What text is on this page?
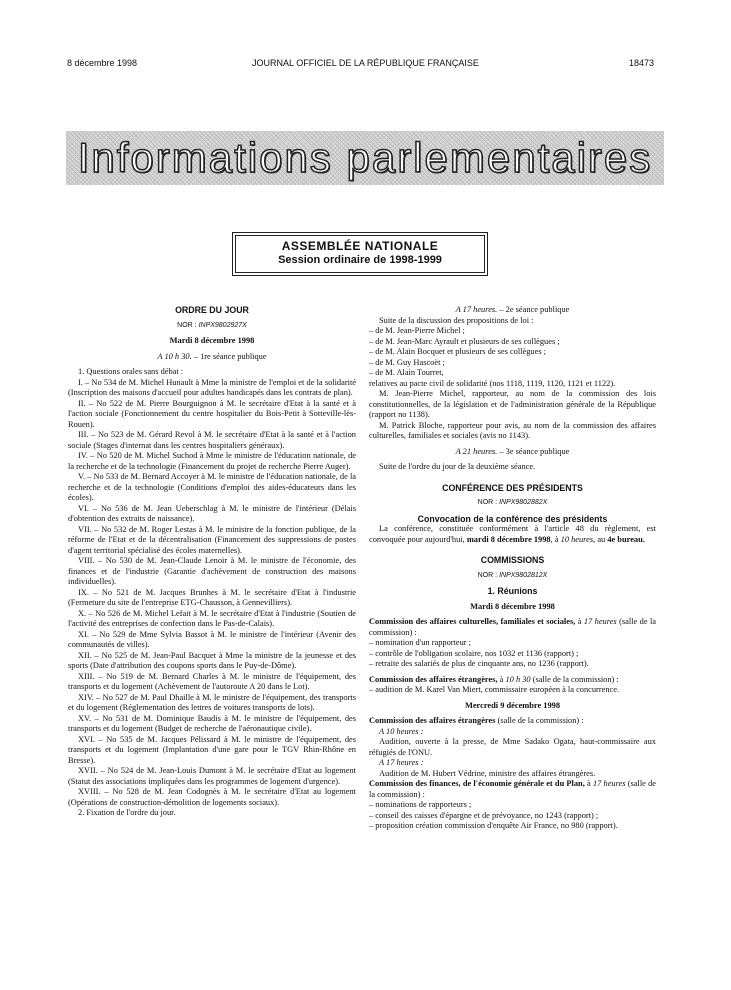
8 décembre 1998	JOURNAL OFFICIEL DE LA RÉPUBLIQUE FRANÇAISE	18473
Informations parlementaires
ASSEMBLÉE NATIONALE
Session ordinaire de 1998-1999

ORDRE DU JOUR

NOR : INPX9802927X

Mardi 8 décembre 1998

A 10 h 30. – 1re séance publique

1. Questions orales sans débat :

I. – No 534 de M. Michel Hunault à Mme la ministre de l'emploi et de la solidarité (Inscription des maisons d'accueil pour adultes handicapés dans les contrats de plan).

II. – No 522 de M. Pierre Bourguignon à M. le secrétaire d'Etat à la santé et à l'action sociale (Fonctionnement du centre hospitalier du Bois-Petit à Sotteville-lès-Rouen).

III. – No 523 de M. Gérard Revol à M. le secrétaire d'Etat à la santé et à l'action sociale (Stages d'internat dans les centres hospitaliers généraux).

IV. – No 520 de M. Michel Suchod à Mme le ministre de l'éducation nationale, de la recherche et de la technologie (Financement du projet de recherche Pierre Auger).

V. – No 533 de M. Bernard Accoyer à M. le ministre de l'éducation nationale, de la recherche et de la technologie (Conditions d'emploi des aides-éducateurs dans les écoles).

VI. – No 536 de M. Jean Ueberschlag à M. le ministre de l'intérieur (Délais d'obtention des extraits de naissance).

VII. – No 532 de M. Roger Lestas à M. le ministre de la fonction publique, de la réforme de l'Etat et de la décentralisation (Financement des suppressions de postes d'agent territorial spécialisé des écoles maternelles).

VIII. – No 530 de M. Jean-Claude Lenoir à M. le ministre de l'économie, des finances et de l'industrie (Garantie d'achèvement de construction des maisons individuelles).

IX. – No 521 de M. Jacques Brunhes à M. le secrétaire d'Etat à l'industrie (Fermeture du site de l'entreprise ETG-Chausson, à Gennevilliers).

X. – No 526 de M. Michel Lefait à M. le secrétaire d'Etat à l'industrie (Soutien de l'activité des entreprises de confection dans le Pas-de-Calais).

XI. – No 529 de Mme Sylvia Bassot à M. le ministre de l'intérieur (Avenir des communautés de villes).

XII. – No 525 de M. Jean-Paul Bacquet à Mme la ministre de la jeunesse et des sports (Date d'attribution des coupons sports dans le Puy-de-Dôme).

XIII. – No 519 de M. Bernard Charles à M. le ministre de l'équipement, des transports et du logement (Achèvement de l'autoroute A 20 dans le Lot).

XIV. – No 527 de M. Paul Dhaille à M. le ministre de l'équipement, des transports et du logement (Réglementation des lettres de voitures transports de lots).

XV. – No 531 de M. Dominique Baudis à M. le ministre de l'équipement, des transports et du logement (Budget de recherche de l'aéronautique civile).

XVI. – No 535 de M. Jacques Pélissard à M. le ministre de l'équipement, des transports et du logement (Implantation d'une gare pour le TGV Rhin-Rhône en Bresse).

XVII. – No 524 de M. Jean-Louis Dumont à M. le secrétaire d'Etat au logement (Statut des associations impliquées dans les programmes de logement d'urgence).

XVIII. – No 528 de M. Jean Codognès à M. le secrétaire d'Etat au logement (Opérations de construction-démolition de logements sociaux).

2. Fixation de l'ordre du jour.

A 17 heures. – 2e séance publique

Suite de la discussion des propositions de loi :

– de M. Jean-Pierre Michel ;

– de M. Jean-Marc Ayrault et plusieurs de ses collègues ;

– de M. Alain Bocquet et plusieurs de ses collègues ;

– de M. Guy Hascoët ;

– de M. Alain Tourret,

relatives au pacte civil de solidarité (nos 1118, 1119, 1120, 1121 et 1122).

M. Jean-Pierre Michel, rapporteur, au nom de la commission des lois constitutionnelles, de la législation et de l'administration générale de la République (rapport no 1138).

M. Patrick Bloche, rapporteur pour avis, au nom de la commission des affaires culturelles, familiales et sociales (avis no 1143).

A 21 heures. – 3e séance publique

Suite de l'ordre du jour de la deuxième séance.

CONFÉRENCE DES PRÉSIDENTS

NOR : INPX9802882X

Convocation de la conférence des présidents

La conférence, constituée conformément à l'article 48 du règlement, est convoquée pour aujourd'hui, mardi 8 décembre 1998, à 10 heures, au 4e bureau.

COMMISSIONS

NOR : INPX9802812X

1. Réunions

Mardi 8 décembre 1998

Commission des affaires culturelles, familiales et sociales, à 17 heures (salle de la commission) :

– nomination d'un rapporteur ;

– contrôle de l'obligation scolaire, nos 1032 et 1136 (rapport) ;

– retraite des salariés de plus de cinquante ans, no 1236 (rapport).

Commission des affaires étrangères, à 10 h 30 (salle de la commission) :

– audition de M. Karel Van Miert, commissaire européen à la concurrence.

Mercredi 9 décembre 1998

Commission des affaires étrangères (salle de la commission) :

A 10 heures :

Audition, ouverte à la presse, de Mme Sadako Ogata, haut-commissaire aux réfugiés de l'ONU.

A 17 heures :

Audition de M. Hubert Védrine, ministre des affaires étrangères.

Commission des finances, de l'économie générale et du Plan, à 17 heures (salle de la commission) :

– nominations de rapporteurs ;

– conseil des caisses d'épargne et de prévoyance, no 1243 (rapport) ;

– proposition création commission d'enquête Air France, no 980 (rapport).
